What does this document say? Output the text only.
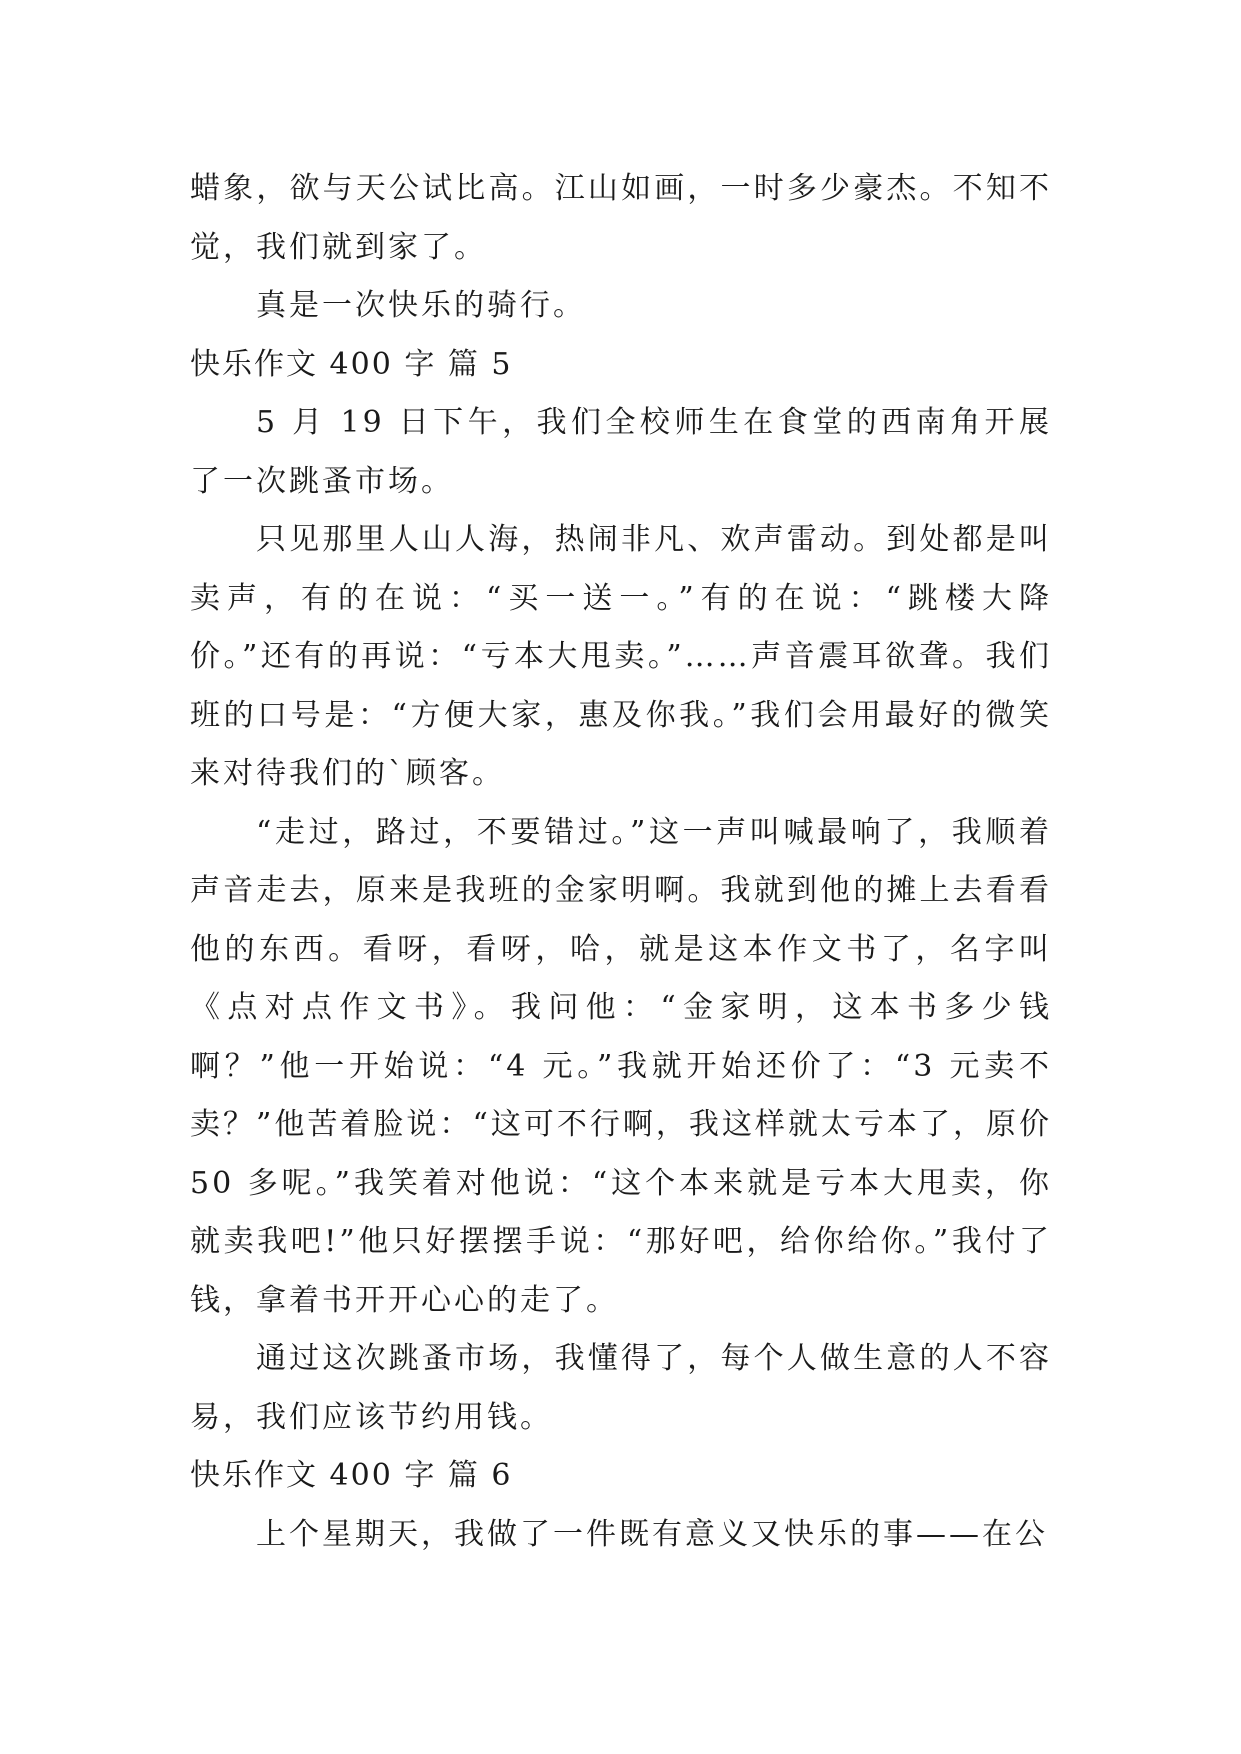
蜡象，欲与天公试比高。江山如画，一时多少豪杰。不知不觉，我们就到家了。

真是一次快乐的骑行。

快乐作文 400 字 篇 5

5 月 19 日下午，我们全校师生在食堂的西南角开展了一次跳蚤市场。

只见那里人山人海，热闹非凡、欢声雷动。到处都是叫卖声，有的在说：“买一送一。”有的在说：“跳楼大降价。”还有的再说：“亏本大甩卖。”……声音震耳欲聋。我们班的口号是：“方便大家，惠及你我。”我们会用最好的微笑来对待我们的`顾客。

“走过，路过，不要错过。”这一声叫喊最响了，我顺着声音走去，原来是我班的金家明啊。我就到他的摊上去看看他的东西。看呀，看呀，哈，就是这本作文书了，名字叫《点对点作文书》。我问他：“金家明，这本书多少钱啊？”他一开始说：“4 元。”我就开始还价了：“3 元卖不卖？”他苦着脸说：“这可不行啊，我这样就太亏本了，原价 50 多呢。”我笑着对他说：“这个本来就是亏本大甩卖，你就卖我吧!”他只好摆摆手说：“那好吧，给你给你。”我付了钱，拿着书开开心心的走了。

通过这次跳蚤市场，我懂得了，每个人做生意的人不容易，我们应该节约用钱。

快乐作文 400 字 篇 6

上个星期天，我做了一件既有意义又快乐的事——在公
